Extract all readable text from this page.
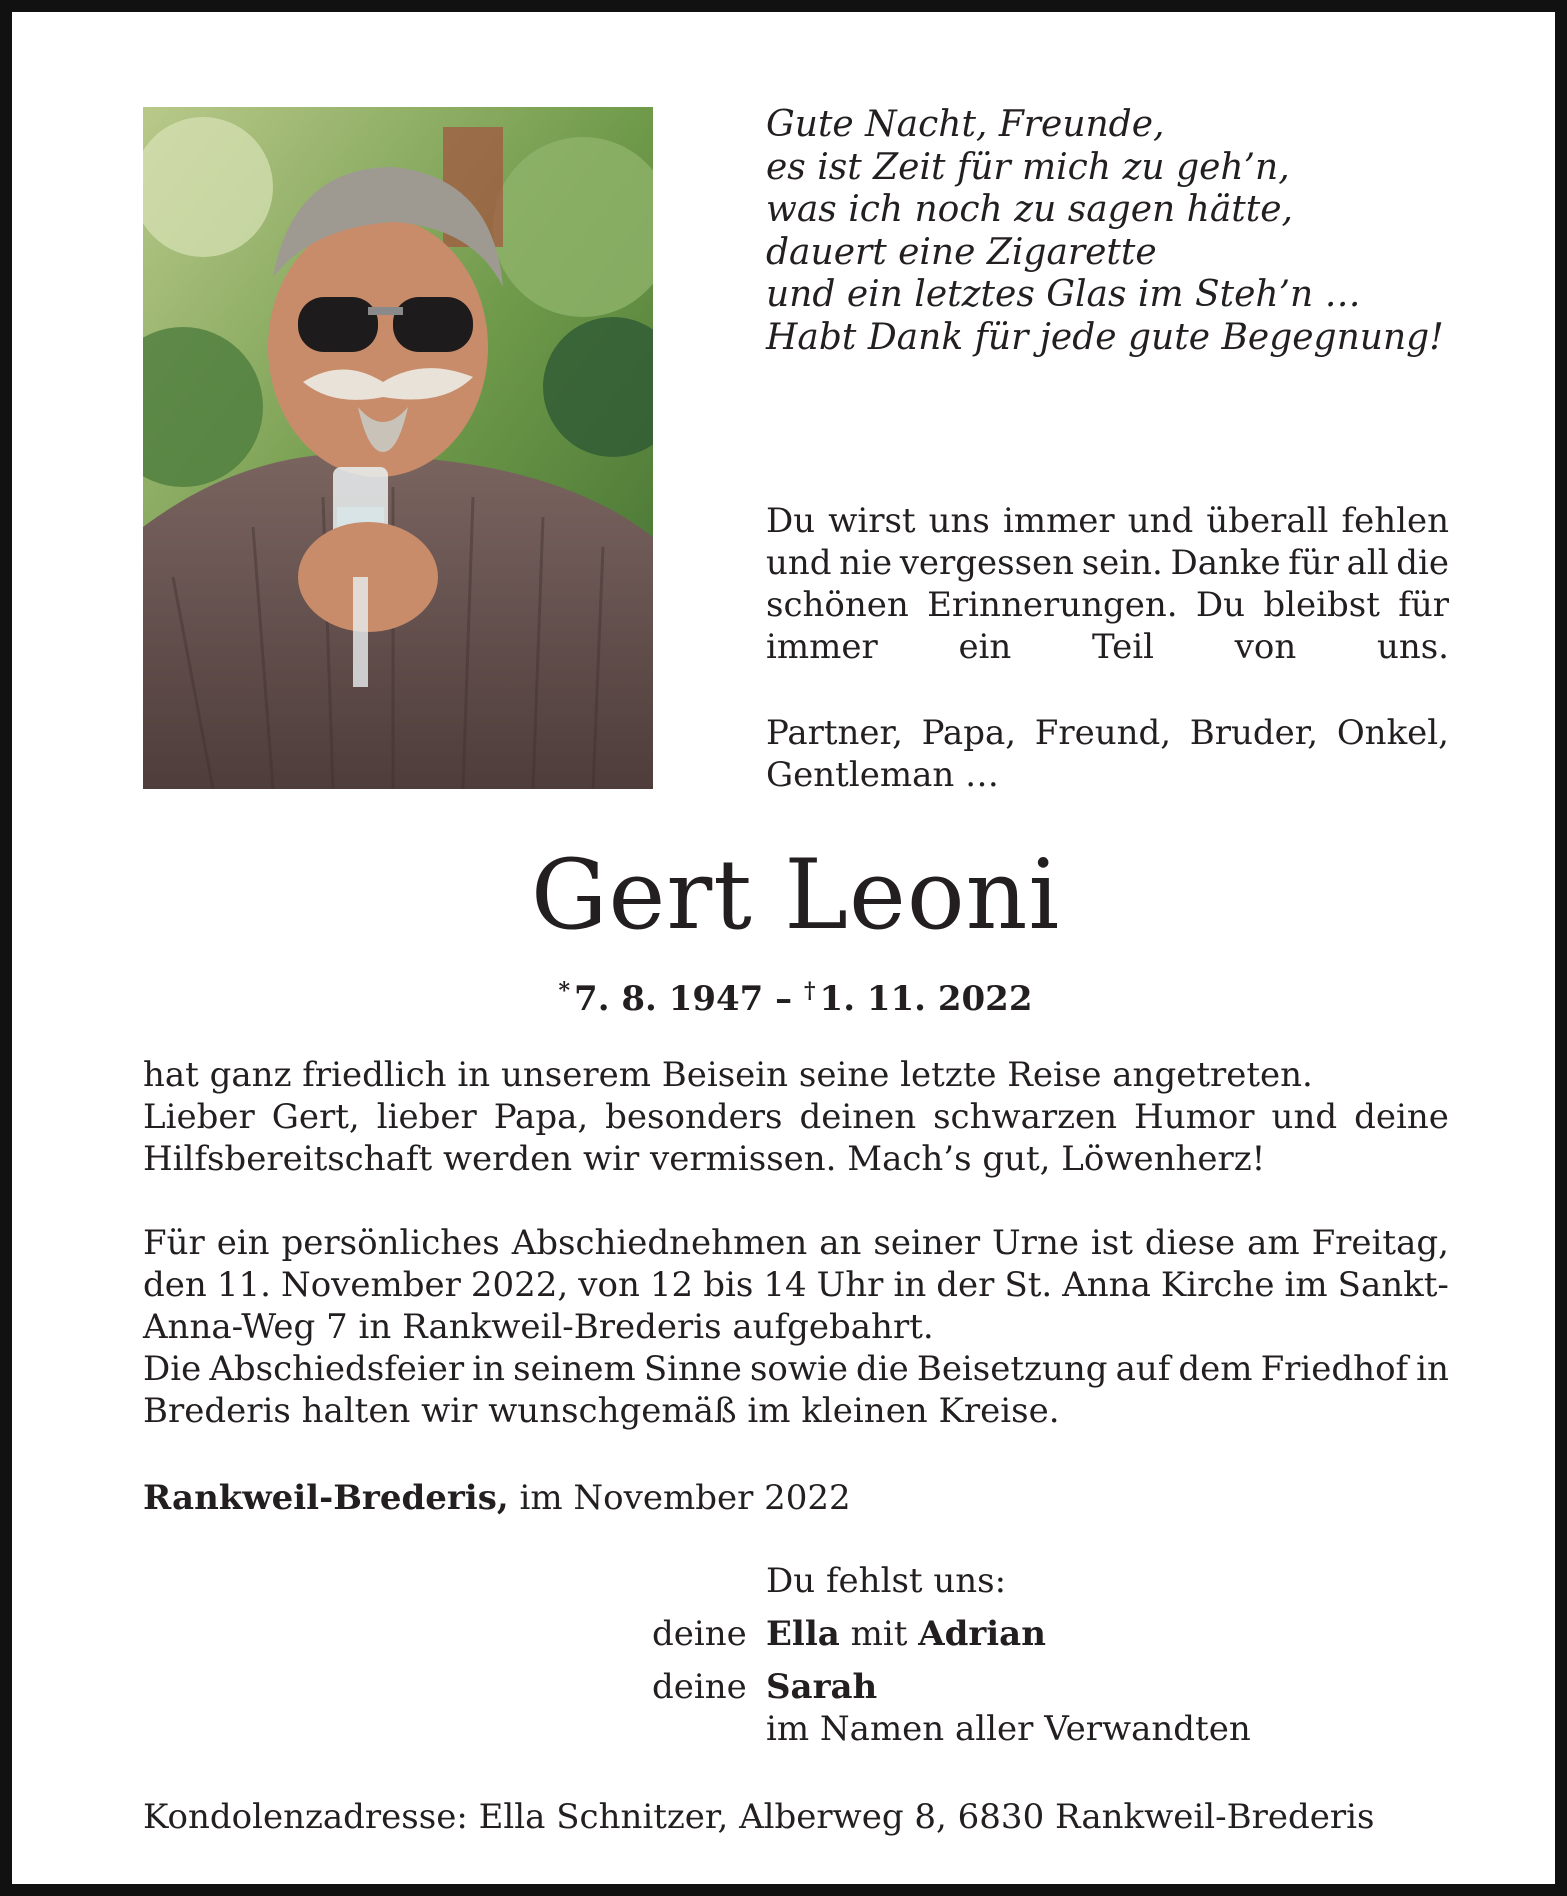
Gute Nacht, Freunde,
es ist Zeit für mich zu geh’n,
was ich noch zu sagen hätte,
dauert eine Zigarette
und ein letztes Glas im Steh’n …
Habt Dank für jede gute Begegnung!
Du wirst uns immer und überall fehlen
und nie vergessen sein. Danke für all die
schönen Erinnerungen. Du bleibst für
immer ein Teil von uns.
Partner, Papa, Freund, Bruder, Onkel,
Gentleman …
Gert Leoni
* 7. 8. 1947 – † 1. 11. 2022
hat ganz friedlich in unserem Beisein seine letzte Reise angetreten.
Lieber Gert, lieber Papa, besonders deinen schwarzen Humor und deine
Hilfsbereitschaft werden wir vermissen. Mach’s gut, Löwenherz!
Für ein persönliches Abschiednehmen an seiner Urne ist diese am Freitag,
den 11. November 2022, von 12 bis 14 Uhr in der St. Anna Kirche im Sankt-
Anna-Weg 7 in Rankweil-Brederis aufgebahrt.
Die Abschiedsfeier in seinem Sinne sowie die Beisetzung auf dem Friedhof in
Brederis halten wir wunschgemäß im kleinen Kreise.
Rankweil-Brederis, im November 2022
Du fehlst uns:
deine Ella mit Adrian
deine Sarah
im Namen aller Verwandten
Kondolenzadresse: Ella Schnitzer, Alberweg 8, 6830 Rankweil-Brederis
